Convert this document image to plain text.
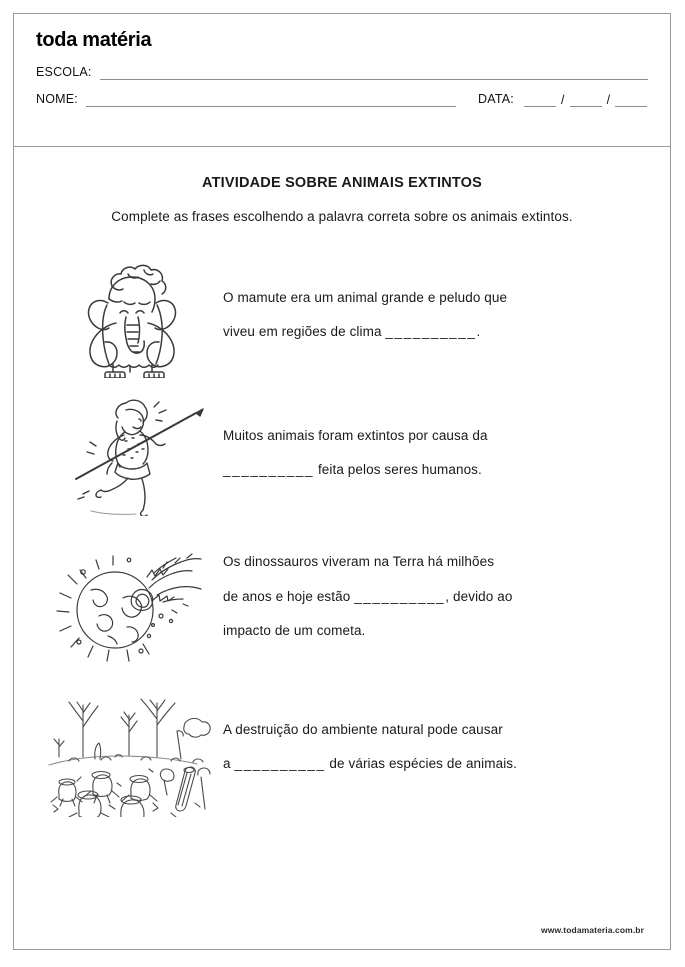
toda matéria
ESCOLA:
NOME:	DATA:	/	/
ATIVIDADE SOBRE ANIMAIS EXTINTOS
Complete as frases escolhendo a palavra correta sobre os animais extintos.
O mamute era um animal grande e peludo que
viveu em regiões de clima __________.
Muitos animais foram extintos por causa da
__________ feita pelos seres humanos.
Os dinossauros viveram na Terra há milhões
de anos e hoje estão __________, devido ao
impacto de um cometa.
A destruição do ambiente natural pode causar
a __________ de várias espécies de animais.
www.todamateria.com.br
